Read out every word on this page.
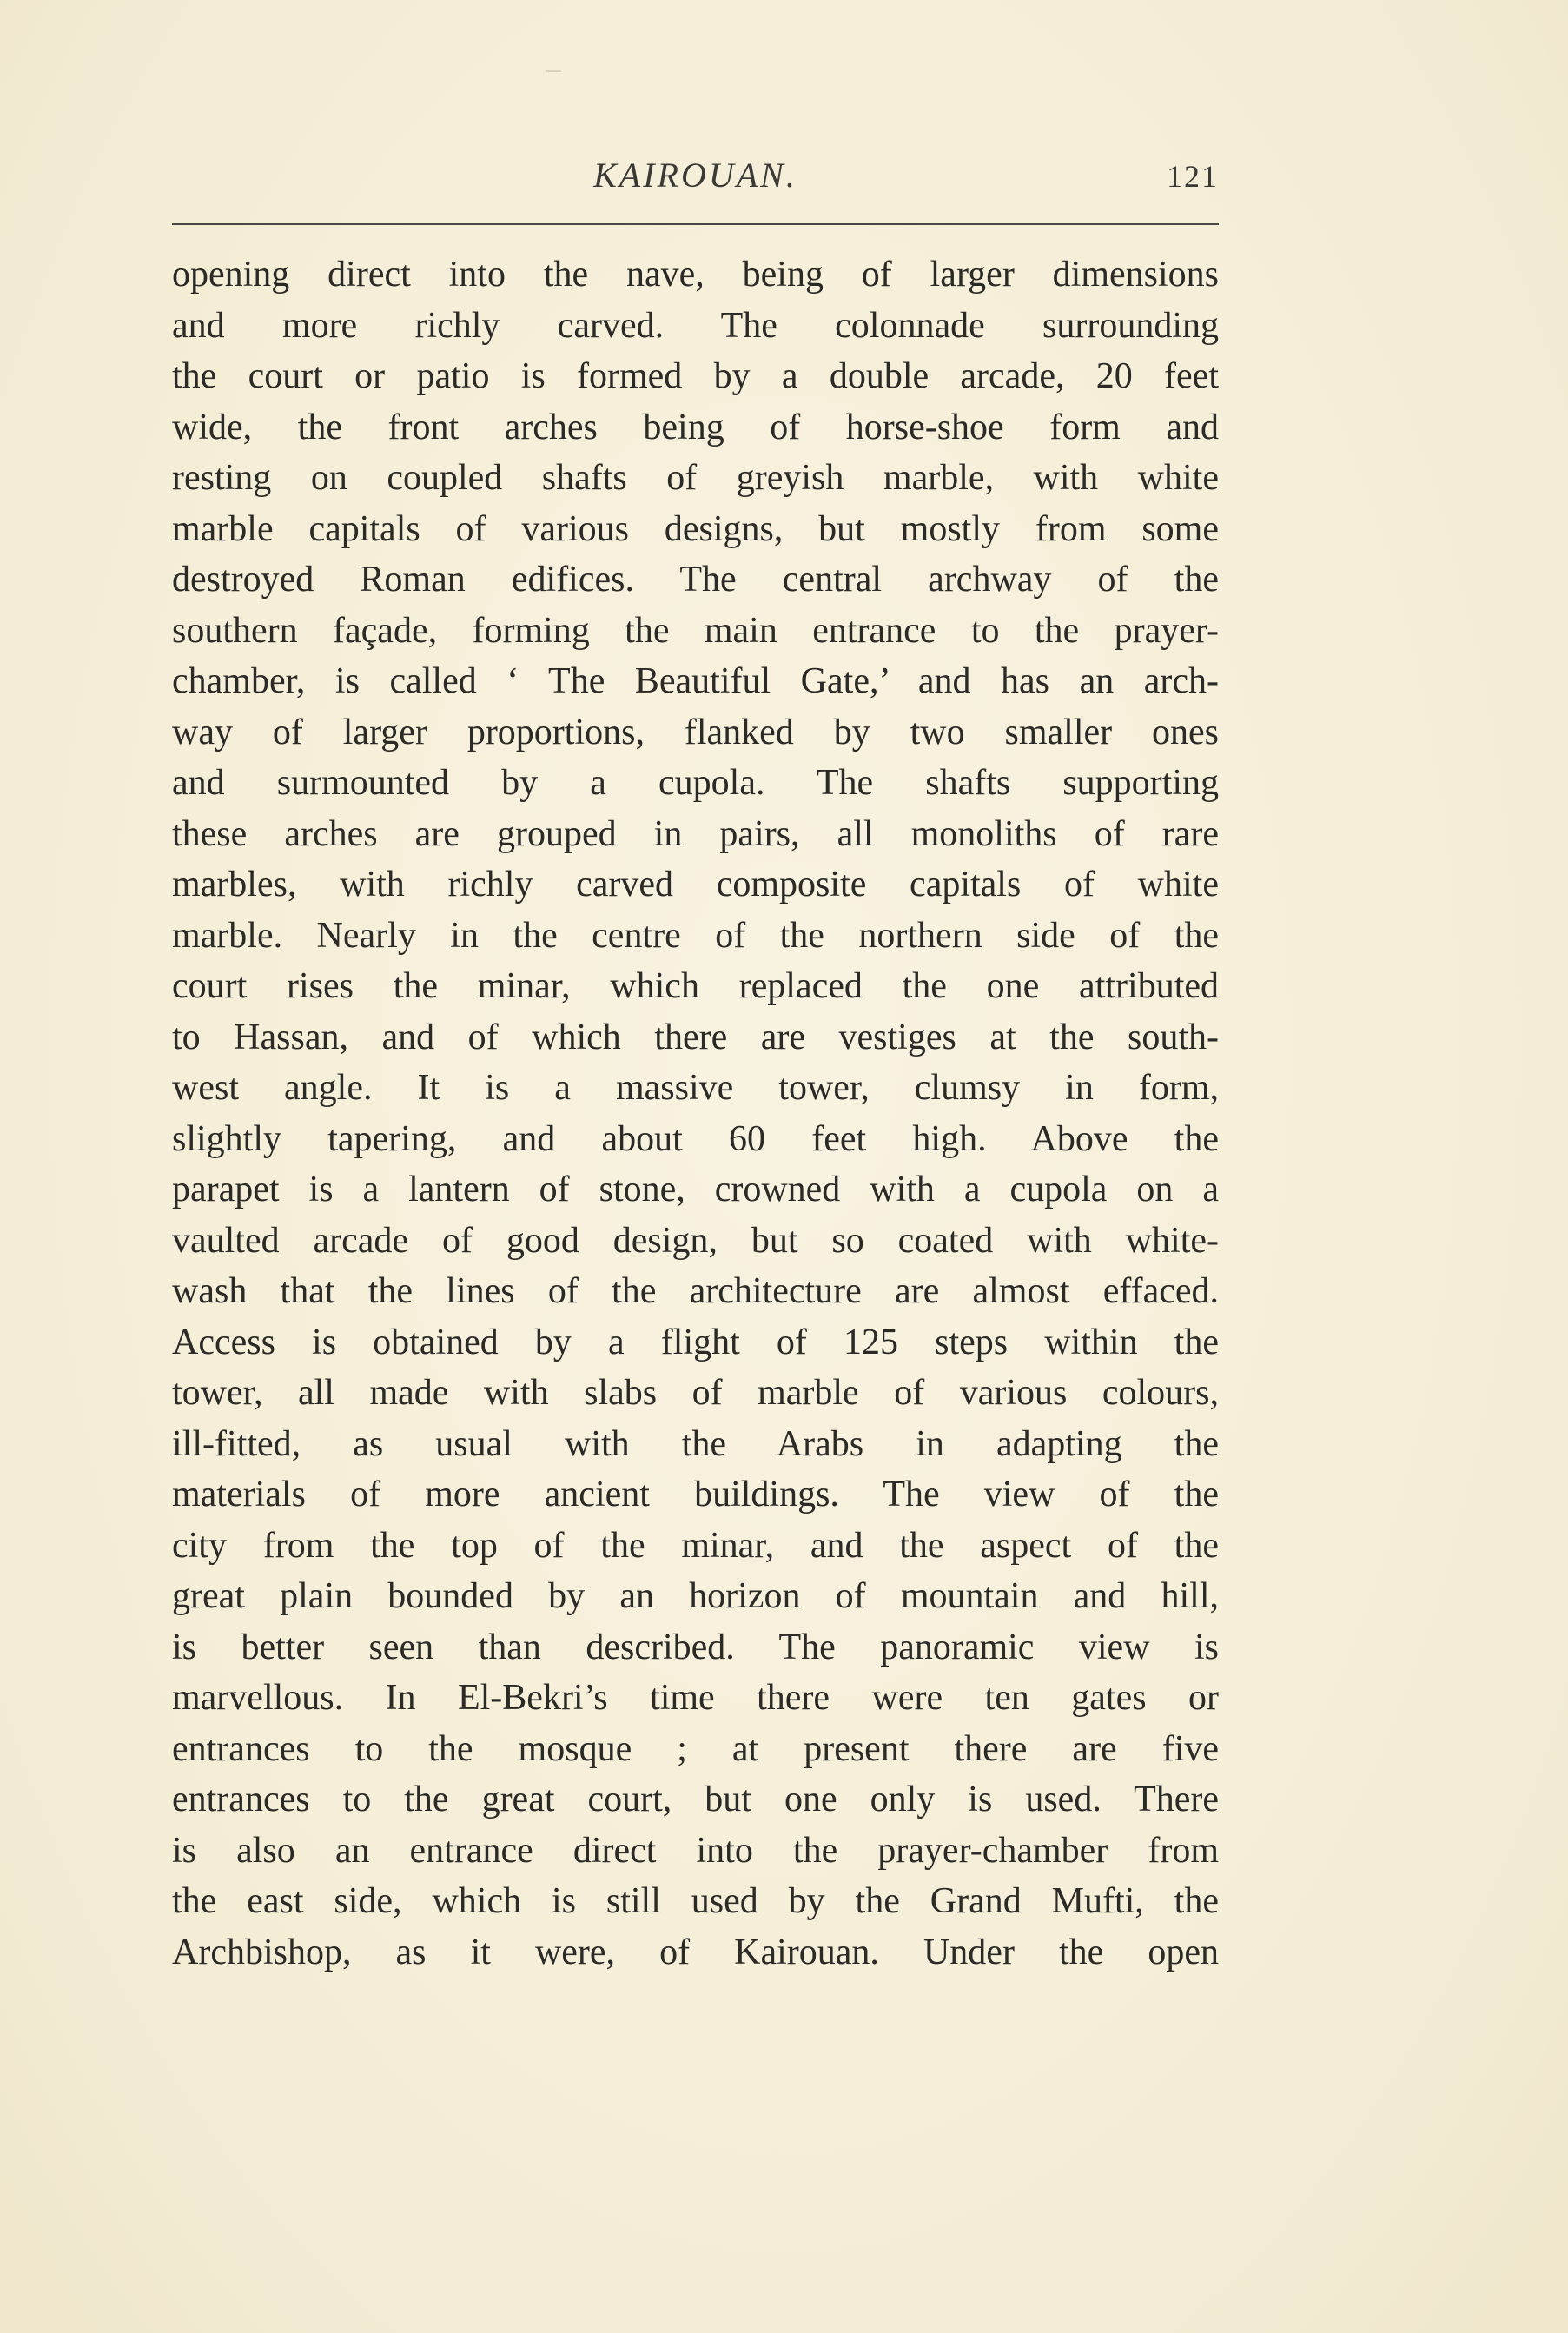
KAIROUAN.	121
opening direct into the nave, being of larger dimensions
and more richly carved. The colonnade surrounding
the court or patio is formed by a double arcade, 20 feet
wide, the front arches being of horse-shoe form and
resting on coupled shafts of greyish marble, with white
marble capitals of various designs, but mostly from some
destroyed Roman edifices. The central archway of the
southern façade, forming the main entrance to the prayer-
chamber, is called ‘ The Beautiful Gate,’ and has an arch-
way of larger proportions, flanked by two smaller ones
and surmounted by a cupola. The shafts supporting
these arches are grouped in pairs, all monoliths of rare
marbles, with richly carved composite capitals of white
marble. Nearly in the centre of the northern side of the
court rises the minar, which replaced the one attributed
to Hassan, and of which there are vestiges at the south-
west angle. It is a massive tower, clumsy in form,
slightly tapering, and about 60 feet high. Above the
parapet is a lantern of stone, crowned with a cupola on a
vaulted arcade of good design, but so coated with white-
wash that the lines of the architecture are almost effaced.
Access is obtained by a flight of 125 steps within the
tower, all made with slabs of marble of various colours,
ill-fitted, as usual with the Arabs in adapting the
materials of more ancient buildings. The view of the
city from the top of the minar, and the aspect of the
great plain bounded by an horizon of mountain and hill,
is better seen than described. The panoramic view is
marvellous. In El-Bekri’s time there were ten gates or
entrances to the mosque ; at present there are five
entrances to the great court, but one only is used. There
is also an entrance direct into the prayer-chamber from
the east side, which is still used by the Grand Mufti, the
Archbishop, as it were, of Kairouan. Under the open
